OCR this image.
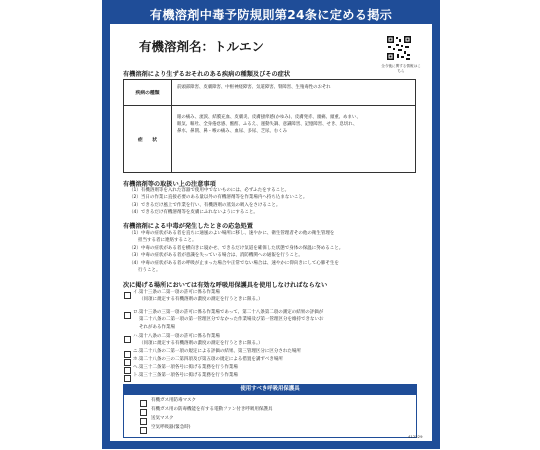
有機溶剤中毒予防規則第24条に定める掲示
有機溶剤名：トルエン
全今後に関する情報はこちら
有機溶剤により生ずるおそれのある疾病の種類及びその症状
疾病の種類
前頭部障害、皮膚障害、中枢神経障害、気道障害、腎障害、生殖毒性のおそれ
症　　状
眼の痛み、流涙、結膜充血、皮膚炎、皮膚掻痒感(かゆみ)、皮膚発赤、頭痛、頭重、めまい、
眠気、嘔吐、全身倦怠感、酩酊、ふるえ、運動失調、意識障害、記憶障害、せき、息切れ、
鼻水、鼻閉、鼻・喉の痛み、血尿、多尿、乏尿、むくみ
有機溶剤等の取扱い上の注意事項
（1）有機溶剤等を入れた容器で使用中でないものには、必ずふたをすること。
（2）当日の作業に直接必要のある量以外の有機溶剤等を作業場内へ持ち込まないこと。
（3）できるだけ風上で作業を行い、有機溶剤の蒸気の吸入をさけること。
（4）できるだけ有機溶剤等を皮膚にふれないようにすること。
有機溶剤による中毒が発生したときの応急処置
（1）中毒の症状がある者を直ちに通風のよい場所に移し、速やかに、衛生管理者その他の衛生管理を
　　担当する者に連絡すること。
（2）中毒の症状がある者を横向きに寝かせ、できるだけ気道を確保した状態で身体の保温に努めること。
（3）中毒の症状がある者が意識を失っている場合は、消防機関への通報を行うこと。
（4）中毒の症状がある者の呼吸が止まった場合や正常でない場合は、速やかに仰向きにして心肺そ生を
　　行うこと。
次に掲げる場所においては有効な呼吸用保護具を使用しなければならない
イ.第十三条の二第一項の許可に係る作業場
（同項に規定する有機溶剤の濃度の測定を行うときに限る。）
ロ.第十三条の三第一項の許可に係る作業場であって、第二十八条第二項の測定の結果の評価が
第二十八条の二第一項の第一管理区分でなかった作業場及び第一管理区分を維持できないお
それがある作業場
ハ.第十八条の二第一項の許可に係る作業場
（同項に規定する有機溶剤の濃度の測定を行うときに限る。）
ニ.第二十八条の二第一項の規定による評価の結果、第三管理区分に区分された場所
ホ.第二十八条の三の二第四項及び第五項の規定による措置を講ずべき場所
ヘ.第三十二条第一項各号に掲げる業務を行う作業場
ト.第三十三条第一項各号に掲げる業務を行う作業場
使用すべき呼吸用保護具
有機ガス用防毒マスク
有機ガス用の防毒機能を有する電動ファン付き呼吸用保護具
送気マスク
空気呼吸器(緊急時)
412529
